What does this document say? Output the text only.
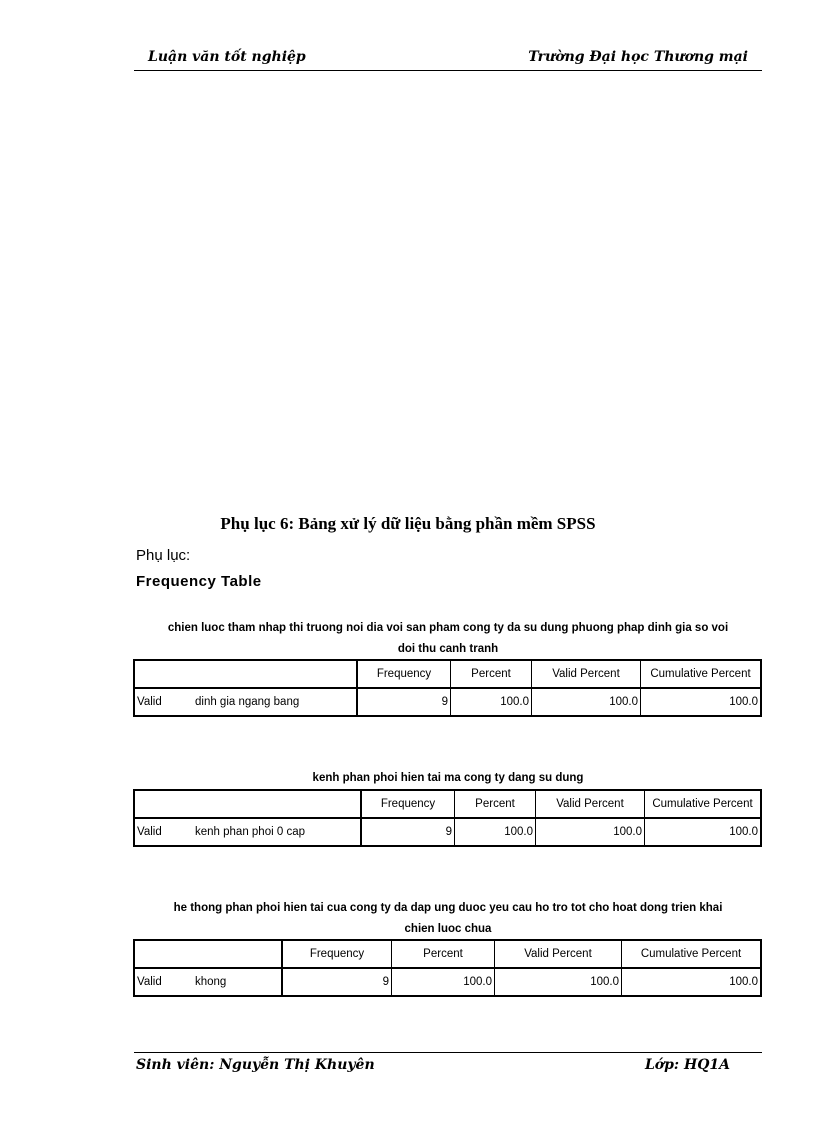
Luận văn tốt nghiệp	Trường Đại học Thương mại
Phụ lục 6: Bảng xử lý dữ liệu bằng phần mềm SPSS
Phụ lục:
Frequency Table
chien luoc tham nhap thi truong noi dia voi san pham cong ty da su dung phuong phap dinh gia so voi
doi thu canh tranh
	Frequency	Percent	Valid Percent	Cumulative Percent
Valid dinh gia ngang bang	9	100.0	100.0	100.0
kenh phan phoi hien tai ma cong ty dang su dung
	Frequency	Percent	Valid Percent	Cumulative Percent
Valid kenh phan phoi 0 cap	9	100.0	100.0	100.0
he thong phan phoi hien tai cua cong ty da dap ung duoc yeu cau ho tro tot cho hoat dong trien khai
chien luoc chua
	Frequency	Percent	Valid Percent	Cumulative Percent
Valid khong	9	100.0	100.0	100.0
Sinh viên: Nguyễn Thị Khuyên	Lớp: HQ1A
